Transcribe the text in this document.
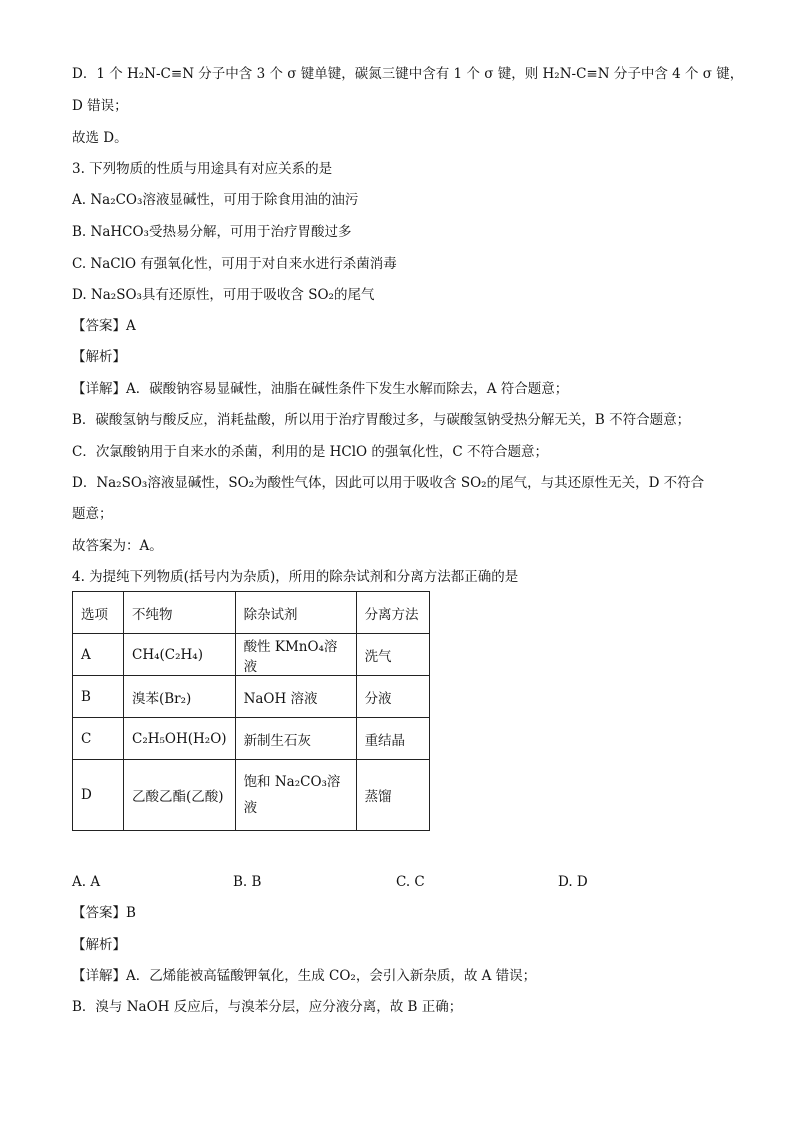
D．1 个 H₂N-C≡N 分子中含 3 个 σ 键单键，碳氮三键中含有 1 个 σ 键，则 H₂N-C≡N 分子中含 4 个 σ 键，
D 错误；
故选 D。
3. 下列物质的性质与用途具有对应关系的是
A. Na₂CO₃溶液显碱性，可用于除食用油的油污
B. NaHCO₃受热易分解，可用于治疗胃酸过多
C. NaClO 有强氧化性，可用于对自来水进行杀菌消毒
D. Na₂SO₃具有还原性，可用于吸收含 SO₂的尾气
【答案】A
【解析】
【详解】A．碳酸钠容易显碱性，油脂在碱性条件下发生水解而除去，A 符合题意；
B．碳酸氢钠与酸反应，消耗盐酸，所以用于治疗胃酸过多，与碳酸氢钠受热分解无关，B 不符合题意；
C．次氯酸钠用于自来水的杀菌，利用的是 HClO 的强氧化性，C 不符合题意；
D．Na₂SO₃溶液显碱性，SO₂为酸性气体，因此可以用于吸收含 SO₂的尾气，与其还原性无关，D 不符合
题意；
故答案为：A。
4. 为提纯下列物质(括号内为杂质)，所用的除杂试剂和分离方法都正确的是
选项	不纯物	除杂试剂	分离方法
A	CH₄(C₂H₄)	酸性 KMnO₄溶液	洗气
B	溴苯(Br₂)	NaOH 溶液	分液
C	C₂H₅OH(H₂O)	新制生石灰	重结晶
D	乙酸乙酯(乙酸)	饱和 Na₂CO₃溶液	蒸馏
A. A	B. B	C. C	D. D
【答案】B
【解析】
【详解】A．乙烯能被高锰酸钾氧化，生成 CO₂，会引入新杂质，故 A 错误；
B．溴与 NaOH 反应后，与溴苯分层，应分液分离，故 B 正确；
